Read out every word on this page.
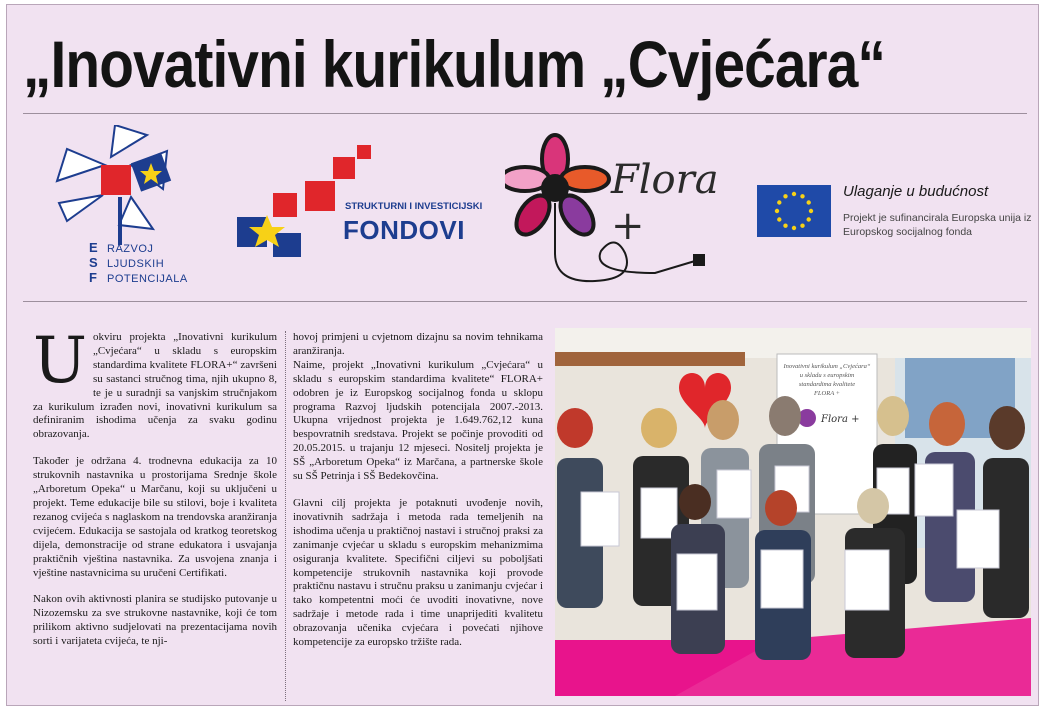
„Inovativni kurikulum „Cvjećara“
E
S
F
RAZVOJ
LJUDSKIH
POTENCIJALA
STRUKTURNI I INVESTICIJSKI
FONDOVI
Flora +
Ulaganje u budućnost
Projekt je sufinancirala Europska unija iz Europskog socijalnog fonda

U okviru projekta „Inovativni kurikulum „Cvjećara“ u skladu s europskim standardima kvalitete FLORA+“ završeni su sastanci stručnog tima, njih ukupno 8, te je u suradnji sa vanjskim stručnjakom za kurikulum izrađen novi, inovativni kurikulum sa definiranim ishodima učenja za svaku godinu obrazovanja.

Također je održana 4. trodnevna edukacija za 10 strukovnih nastavnika u prostorijama Srednje škole „Arboretum Opeka“ u Marčanu, koji su uključeni u projekt. Teme edukacije bile su stilovi, boje i kvaliteta rezanog cvijeća s naglaskom na trendovska aranžiranja cvijećem. Edukacija se sastojala od kratkog teoretskog dijela, demonstracije od strane edukatora i usvajanja praktičnih vještina nastavnika. Za usvojena znanja i vještine nastavnicima su uručeni Certifikati.

Nakon ovih aktivnosti planira se studijsko putovanje u Nizozemsku za sve strukovne nastavnike, koji će tom prilikom aktivno sudjelovati na prezentacijama novih sorti i varijateta cvijeća, te nji-

hovoj primjeni u cvjetnom dizajnu sa novim tehnikama aranžiranja.

Naime, projekt „Inovativni kurikulum „Cvjećara“ u skladu s europskim standardima kvalitete“ FLORA+ odobren je iz Europskog socijalnog fonda u sklopu programa Razvoj ljudskih potencijala 2007.-2013. Ukupna vrijednost projekta je 1.649.762,12 kuna bespovratnih sredstava. Projekt se počinje provoditi od 20.05.2015. u trajanju 12 mjeseci. Nositelj projekta je SŠ „Arboretum Opeka“ iz Marčana, a partnerske škole su SŠ Petrinja i SŠ Bedekovčina.

Glavni cilj projekta je potaknuti uvođenje novih, inovativnih sadržaja i metoda rada temeljenih na ishodima učenja u praktičnoj nastavi i stručnoj praksi za zanimanje cvjećar u skladu s europskim mehanizmima osiguranja kvalitete. Specifični ciljevi su poboljšati kompetencije strukovnih nastavnika koji provode praktičnu nastavu i stručnu praksu u zanimanju cvjećar i tako kompetentni moći će uvoditi inovativne, nove sadržaje i metode rada i time unaprijediti kvalitetu obrazovanja učenika cvjećara i povećati njihove kompetencije za europsko tržište rada.

Inovativni kurikulum „Cvjećara“
u skladu s europskim
standardima kvalitete
FLORA +
Flora +
